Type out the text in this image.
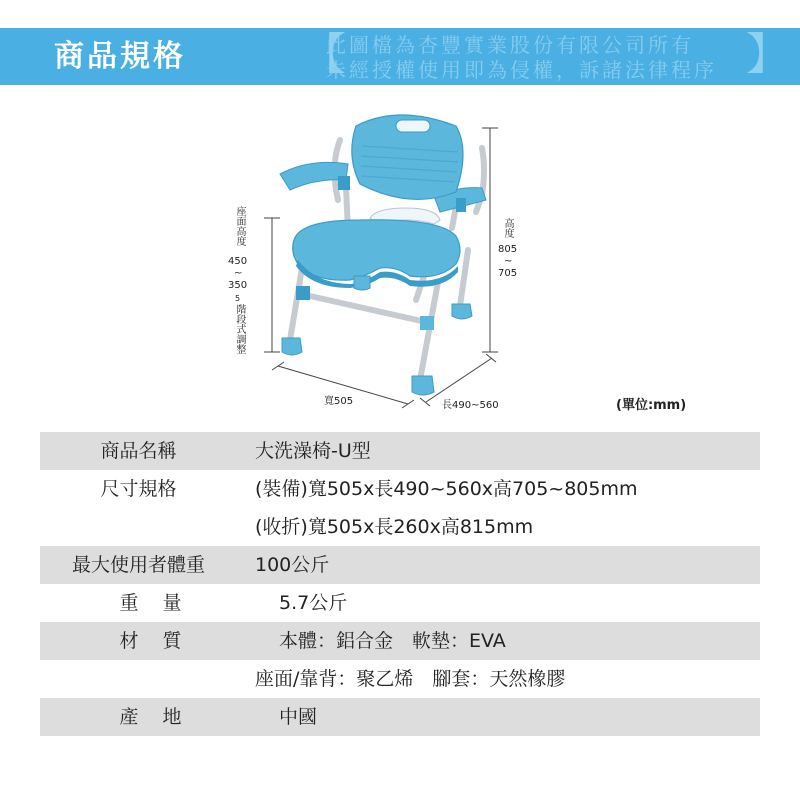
商品規格	【
此圖檔為杏豐實業股份有限公司所有
未經授權使用即為侵權，訴諸法律程序 】
座面高度
450
~
350
5
階段式調整
高度
805
~
705
寬505	長490~560	(單位:mm)
商品名稱	大洗澡椅-U型
尺寸規格	(裝備)寬505x長490~560x高705~805mm
(收折)寬505x長260x高815mm
最大使用者體重	100公斤
重量	5.7公斤
材質	本體：鋁合金　軟墊：EVA
座面/靠背：聚乙烯　腳套：天然橡膠
產地	中國
